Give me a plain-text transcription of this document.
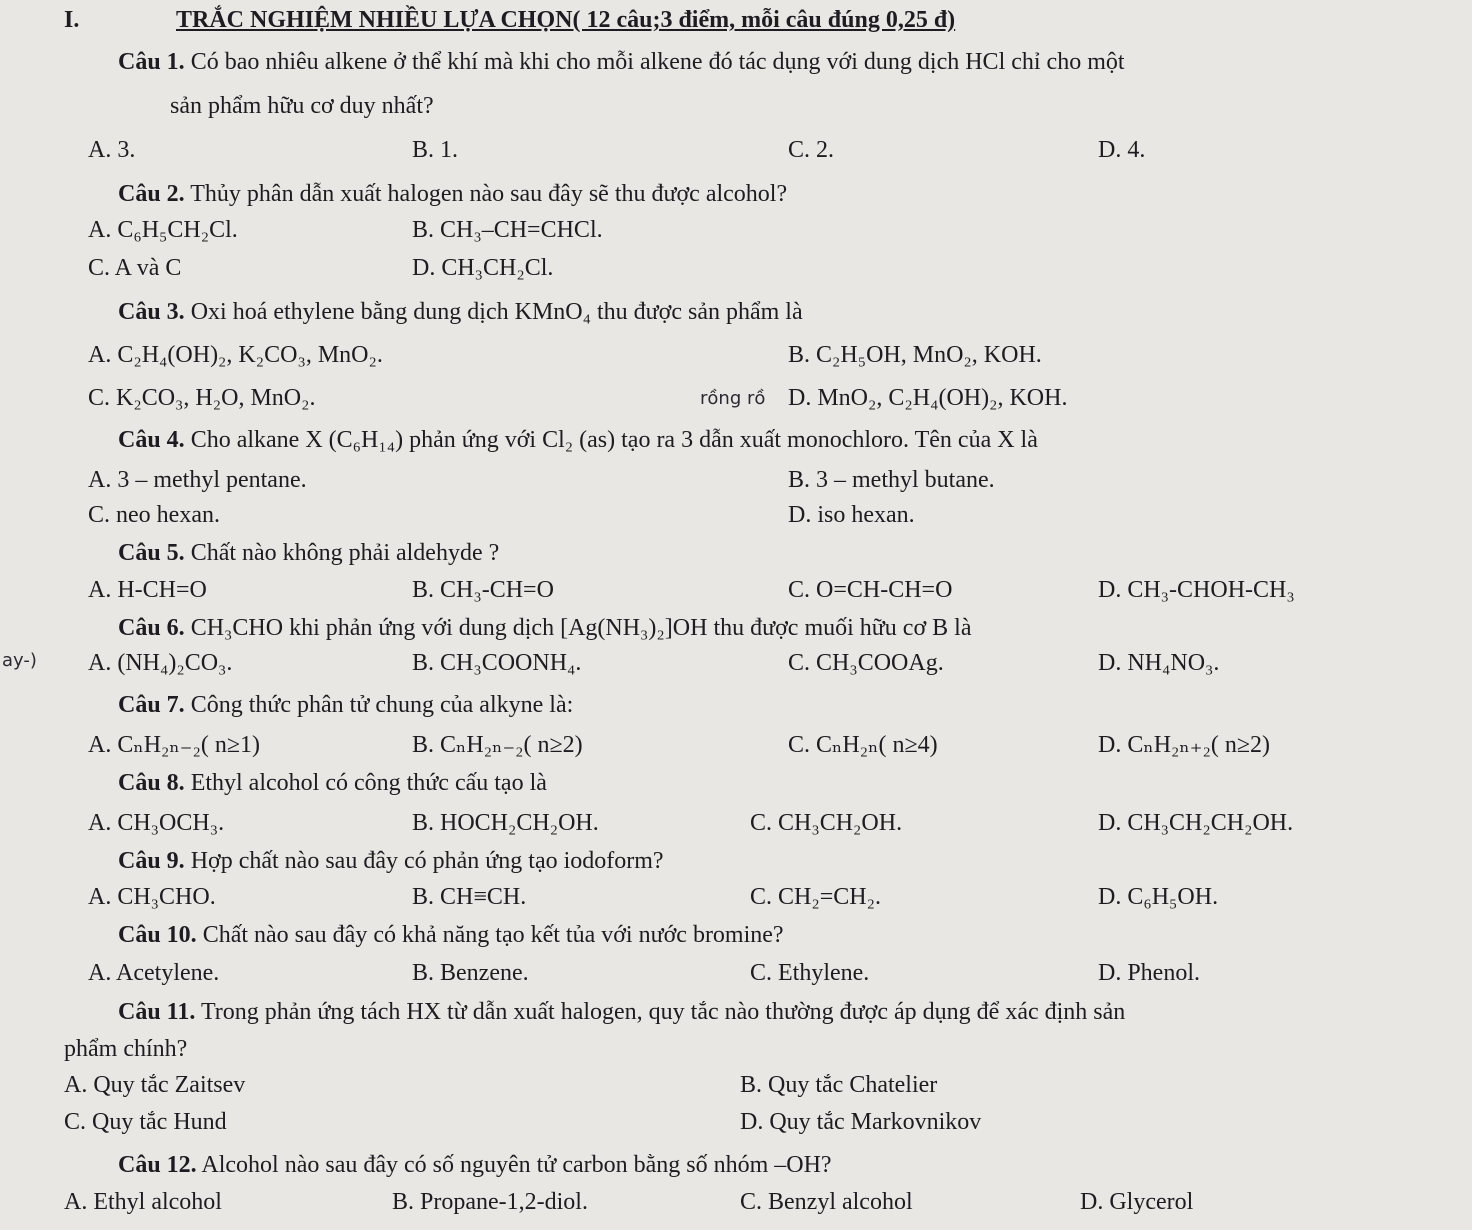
I.	TRẮC NGHIỆM NHIỀU LỰA CHỌN( 12 câu;3 điểm, mỗi câu đúng 0,25 đ)
Câu 1. Có bao nhiêu alkene ở thể khí mà khi cho mỗi alkene đó tác dụng với dung dịch HCl chỉ cho một
sản phẩm hữu cơ duy nhất?
A. 3.	B. 1.	C. 2.	D. 4.
Câu 2. Thủy phân dẫn xuất halogen nào sau đây sẽ thu được alcohol?
A. C₆H₅CH₂Cl.	B. CH₃–CH=CHCl.
C. A và C	D. CH₃CH₂Cl.
Câu 3. Oxi hoá ethylene bằng dung dịch KMnO₄ thu được sản phẩm là
A. C₂H₄(OH)₂, K₂CO₃, MnO₂.	B. C₂H₅OH, MnO₂, KOH.
C. K₂CO₃, H₂O, MnO₂.	rồng rồ D. MnO₂, C₂H₄(OH)₂, KOH.
Câu 4. Cho alkane X (C₆H₁₄) phản ứng với Cl₂ (as) tạo ra 3 dẫn xuất monochloro. Tên của X là
A. 3 – methyl pentane.	B. 3 – methyl butane.
C. neo hexan.	D. iso hexan.
Câu 5. Chất nào không phải aldehyde ?
A. H-CH=O	B. CH₃-CH=O	C. O=CH-CH=O	D. CH₃-CHOH-CH₃
Câu 6. CH₃CHO khi phản ứng với dung dịch [Ag(NH₃)₂]OH thu được muối hữu cơ B là
ay-) A. (NH₄)₂CO₃.	B. CH₃COONH₄.	C. CH₃COOAg.	D. NH₄NO₃.
Câu 7. Công thức phân tử chung của alkyne là:
A. CₙH₂ₙ₋₂( n≥1)	B. CₙH₂ₙ₋₂( n≥2)	C. CₙH₂ₙ( n≥4)	D. CₙH₂ₙ₊₂( n≥2)
Câu 8. Ethyl alcohol có công thức cấu tạo là
A. CH₃OCH₃.	B. HOCH₂CH₂OH.	C. CH₃CH₂OH.	D. CH₃CH₂CH₂OH.
Câu 9. Hợp chất nào sau đây có phản ứng tạo iodoform?
A. CH₃CHO.	B. CH≡CH.	C. CH₂=CH₂.	D. C₆H₅OH.
Câu 10. Chất nào sau đây có khả năng tạo kết tủa với nước bromine?
A. Acetylene.	B. Benzene.	C. Ethylene.	D. Phenol.
Câu 11. Trong phản ứng tách HX từ dẫn xuất halogen, quy tắc nào thường được áp dụng để xác định sản
phẩm chính?
A. Quy tắc Zaitsev	B. Quy tắc Chatelier
C. Quy tắc Hund	D. Quy tắc Markovnikov
Câu 12. Alcohol nào sau đây có số nguyên tử carbon bằng số nhóm –OH?
A. Ethyl alcohol	B. Propane-1,2-diol.	C. Benzyl alcohol	D. Glycerol
